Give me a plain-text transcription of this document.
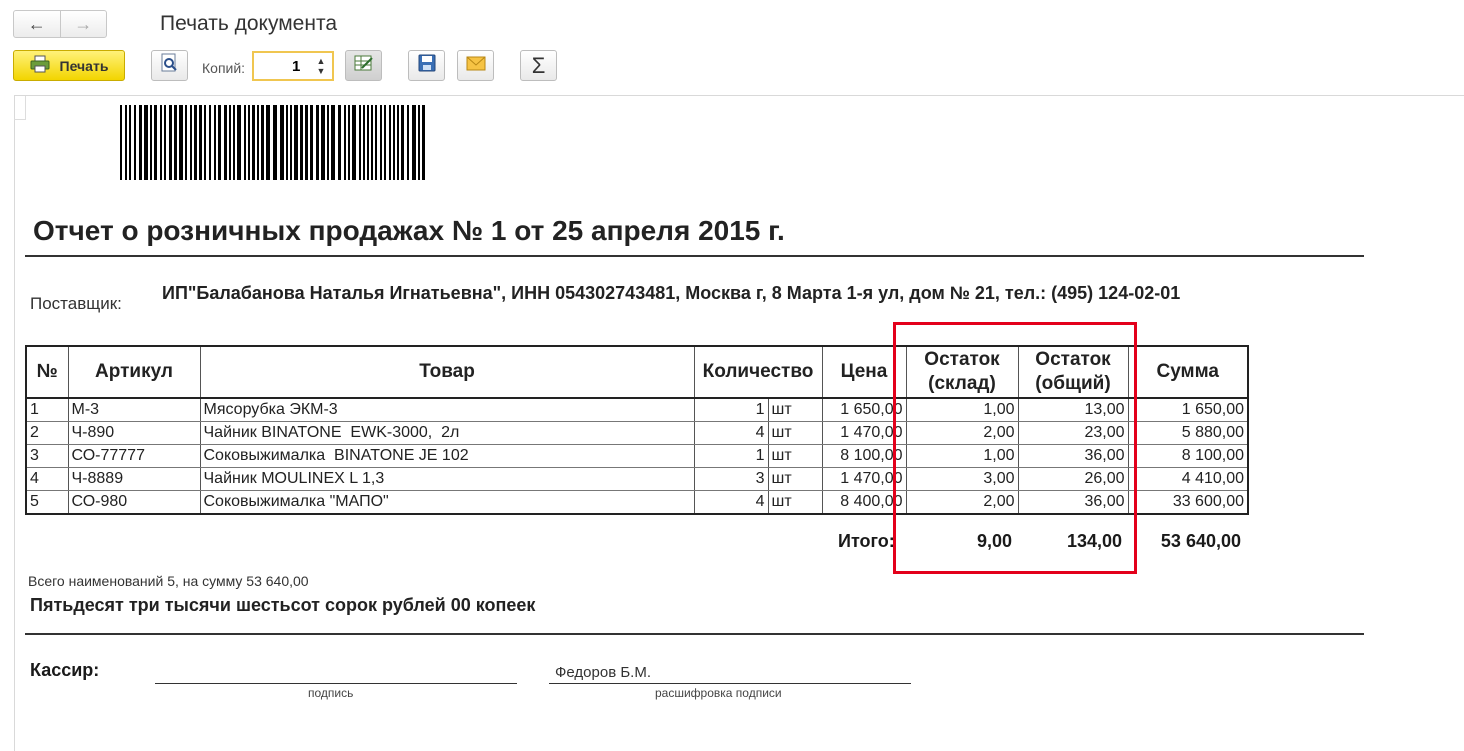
←	→	Печать документа
Печать	Копий:	1 ▲
▼	Σ
Отчет о розничных продажах № 1 от 25 апреля 2015 г.
Поставщик:
ИП"Балабанова Наталья Игнатьевна", ИНН 054302743481, Москва г, 8 Марта 1-я ул, дом № 21, тел.: (495) 124-02-01
№	Артикул	Товар	Количество		Цена	Остаток (склад)	Остаток (общий)	Сумма
1	М-3	Мясорубка ЭКМ-3	1	шт	1 650,00	1,00	13,00	1 650,00
2	Ч-890	Чайник BINATONE  EWK-3000,  2л	4	шт	1 470,00	2,00	23,00	5 880,00
3	СО-77777	Соковыжималка  BINATONE JE 102	1	шт	8 100,00	1,00	36,00	8 100,00
4	Ч-8889	Чайник MOULINEX L 1,3	3	шт	1 470,00	3,00	26,00	4 410,00
5	СО-980	Соковыжималка "МАПО"	4	шт	8 400,00	2,00	36,00	33 600,00
Итого:	9,00	134,00	53 640,00
Всего наименований 5, на сумму 53 640,00
Пятьдесят три тысячи шестьсот сорок рублей 00 копеек
Кассир:
подпись
Федоров Б.М.
расшифровка подписи
